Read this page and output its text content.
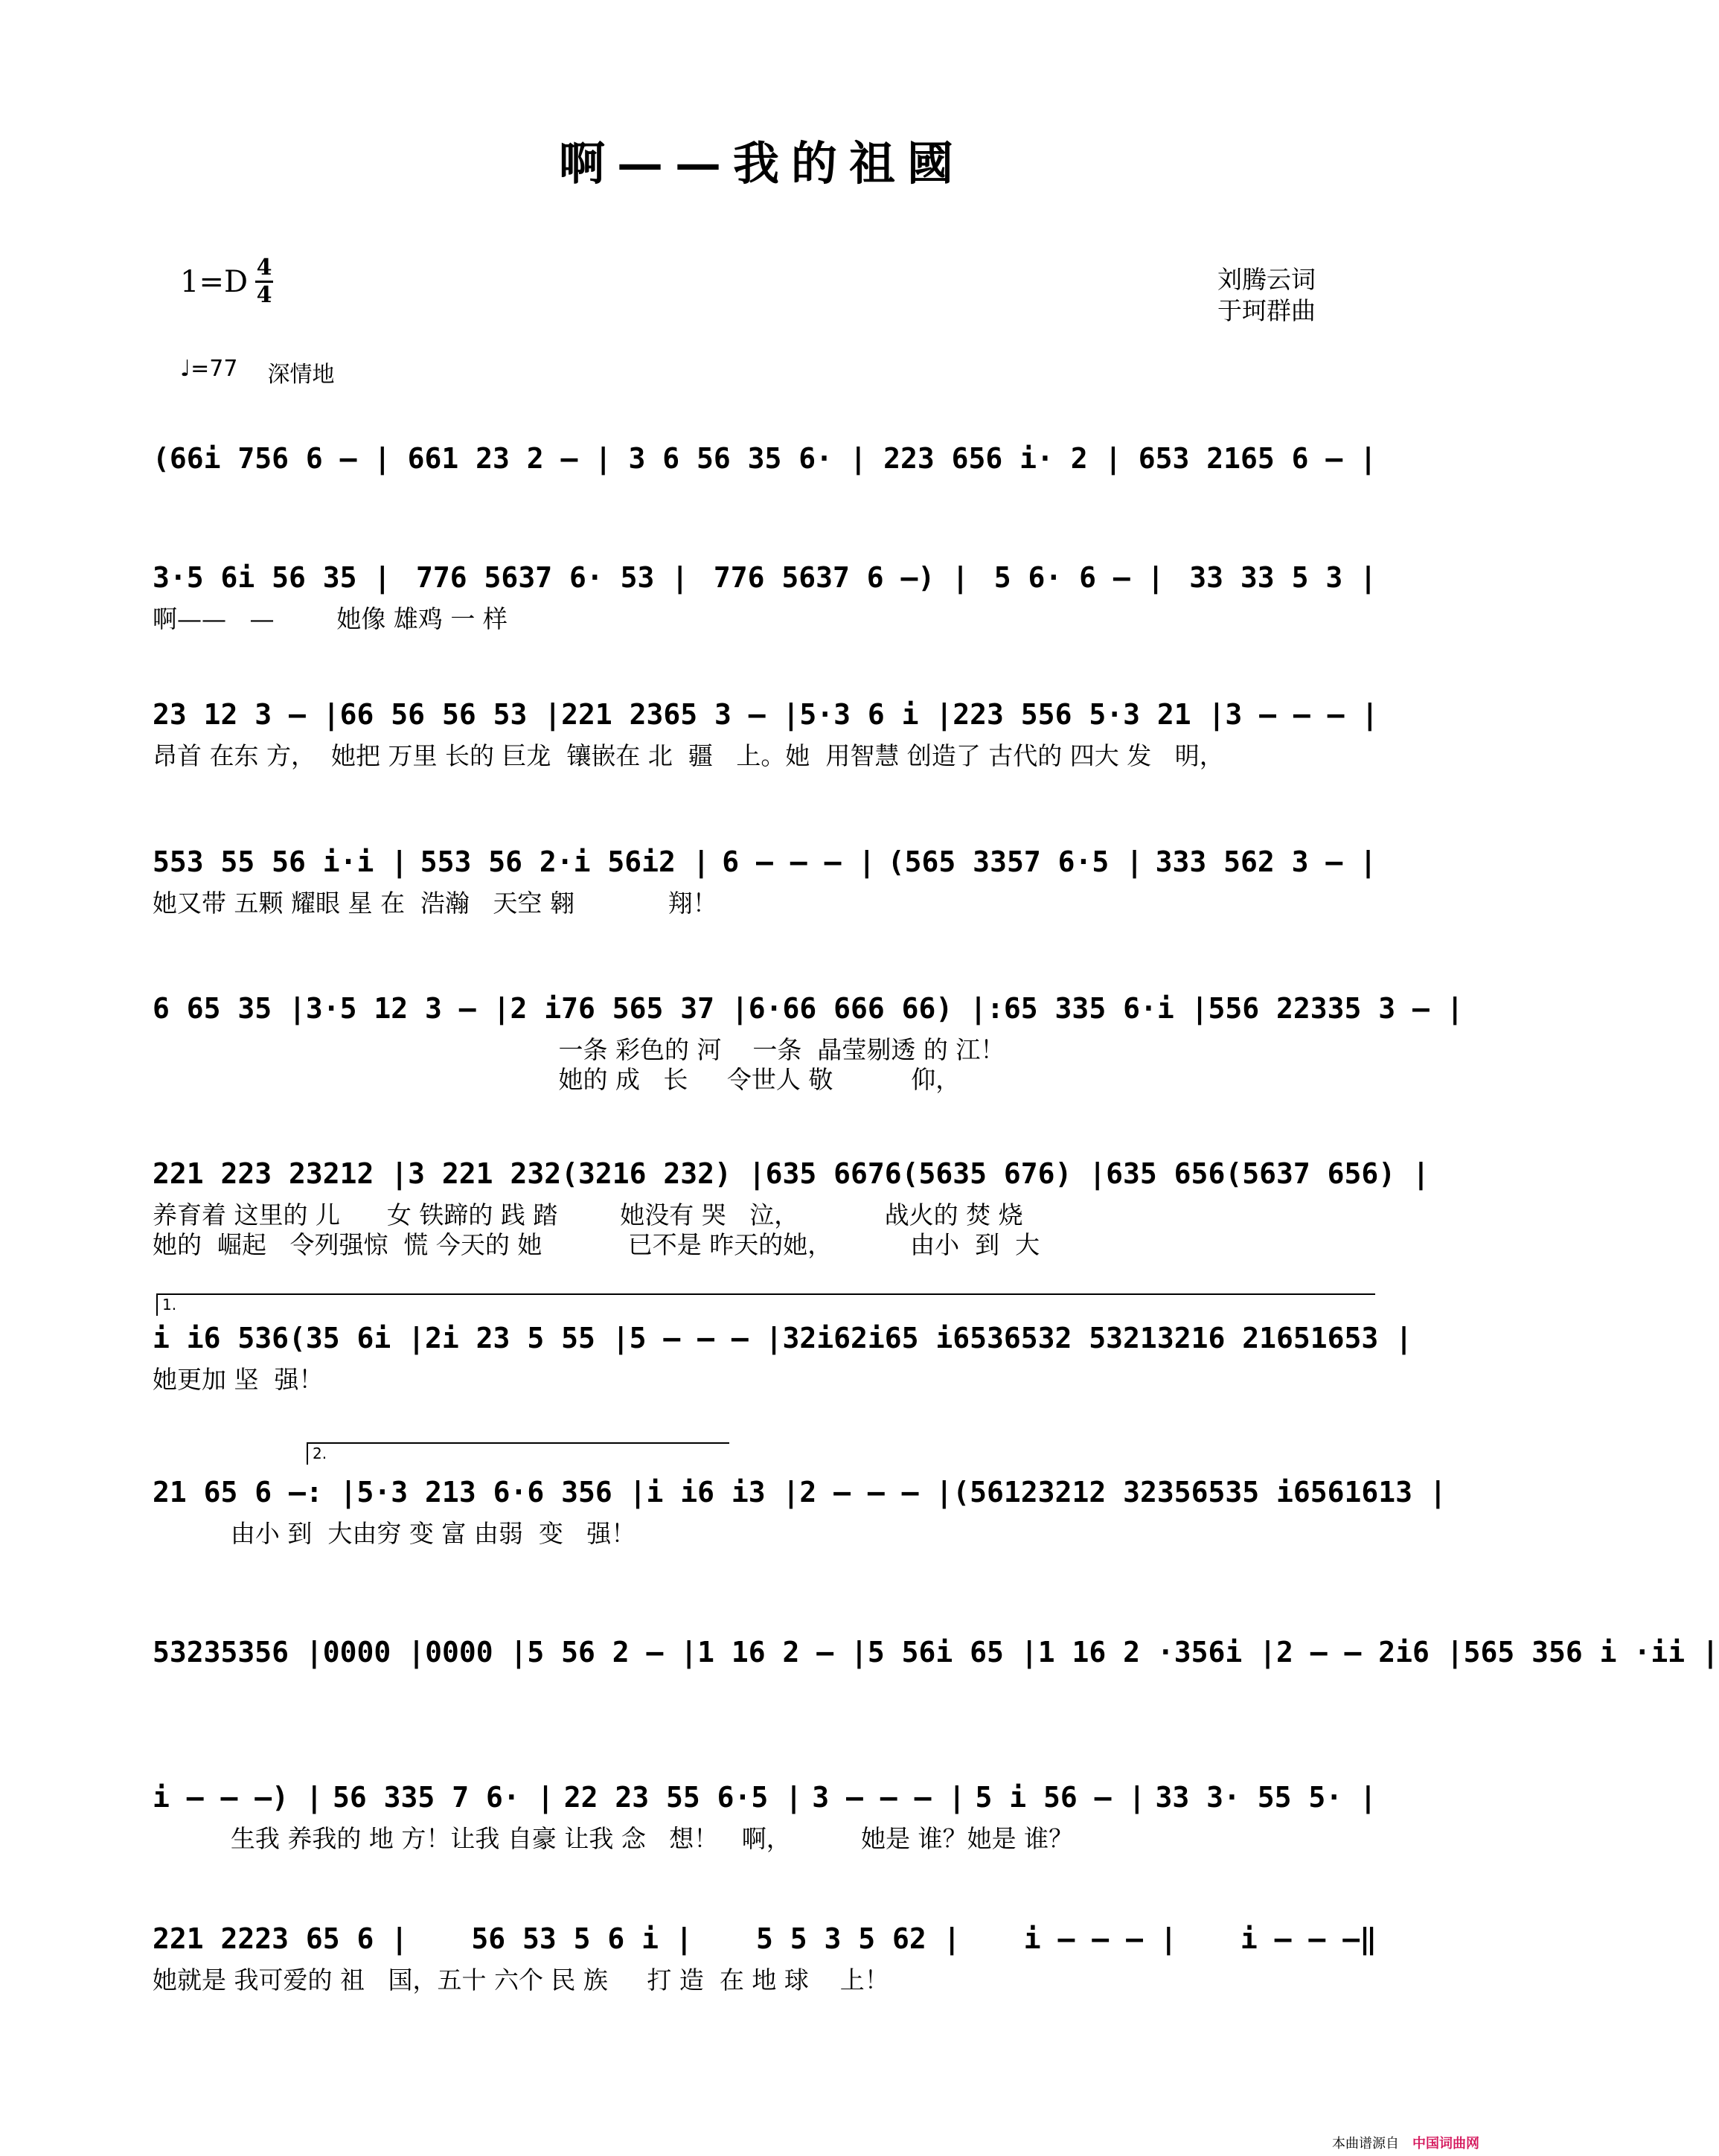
啊——我的祖國
$1=D \frac{4}{4}$	刘腾云词
于珂群曲
♩=77 深情地
(66i 756 6 – | 661 23 2 – | 3 6 56 35 6· | 223 656 i· 2 | 653 2165 6 – |
3·5 6i 56 35 | 776 5637 6· 53 | 776 5637 6 –) | 5 6· 6 – | 33 33 5 3 |
啊——   —        她像 雄鸡 一 样
23 12 3 – | 66 56 56 53 | 221 2365 3 – | 5·3 6 i | 223 556 5·3 21 | 3 – – – |
昂首 在东 方，  她把 万里 长的 巨龙  镶嵌在 北  疆   上。她  用智慧 创造了 古代的 四大 发   明，
553 55 56 i·i | 553 56 2·i 56i2 | 6 – – – | (565 3357 6·5 | 333 562 3 – |
她又带 五颗 耀眼 星 在  浩瀚   天空 翱            翔！
6 65 35 | 3·5 12 3 – | 2 i76 565 37 | 6·66 666 66) | :65 335 6·i | 556 22335 3 – |
一条 彩色的 河    一条  晶莹剔透 的 江！
她的 成   长     令世人 敬          仰，
221 223 23212 | 3 221 232(3216 232) | 635 6676(5635 676) | 635 656(5637 656) |
养育着 这里的 儿      女 铁蹄的 践 踏        她没有 哭   泣，           战火的 焚 烧
她的  崛起   令列强惊  慌 今天的 她           已不是 昨天的她，          由小  到  大
i i6 536(35 6i | 2i 23 5 55 | 5 – – – | 32i62i65 i6536532 53213216 21651653 |
她更加 坚  强！
21 65 6 –: | 5·3 213 6·6 356 | i i6 i3 | 2 – – – | (56123212 32356535 i6561613 |
由小 到  大由穷 变 富 由弱  变   强！
53235356 | 0000 | 0000 | 5 56 2 – | 1 16 2 – | 5 56i 65 | 1 16 2 ·356i | 2 – – 2i6 | 565 356 i ·ii |
i – – –) | 56 335 7 6· | 22 23 55 6·5 | 3 – – – | 5 i 56 – | 33 3· 55 5· |
生我 养我的 地 方！让我 自豪 让我 念   想！   啊，         她是 谁？她是 谁？
221 2223 65 6 | 56 53 5 6 i | 5 5 3 5 62 | i – – – | i – – –‖
她就是 我可爱的 祖   国，五十 六个 民 族     打 造  在 地 球    上！
1.
2.
本曲谱源自 中国词曲网
